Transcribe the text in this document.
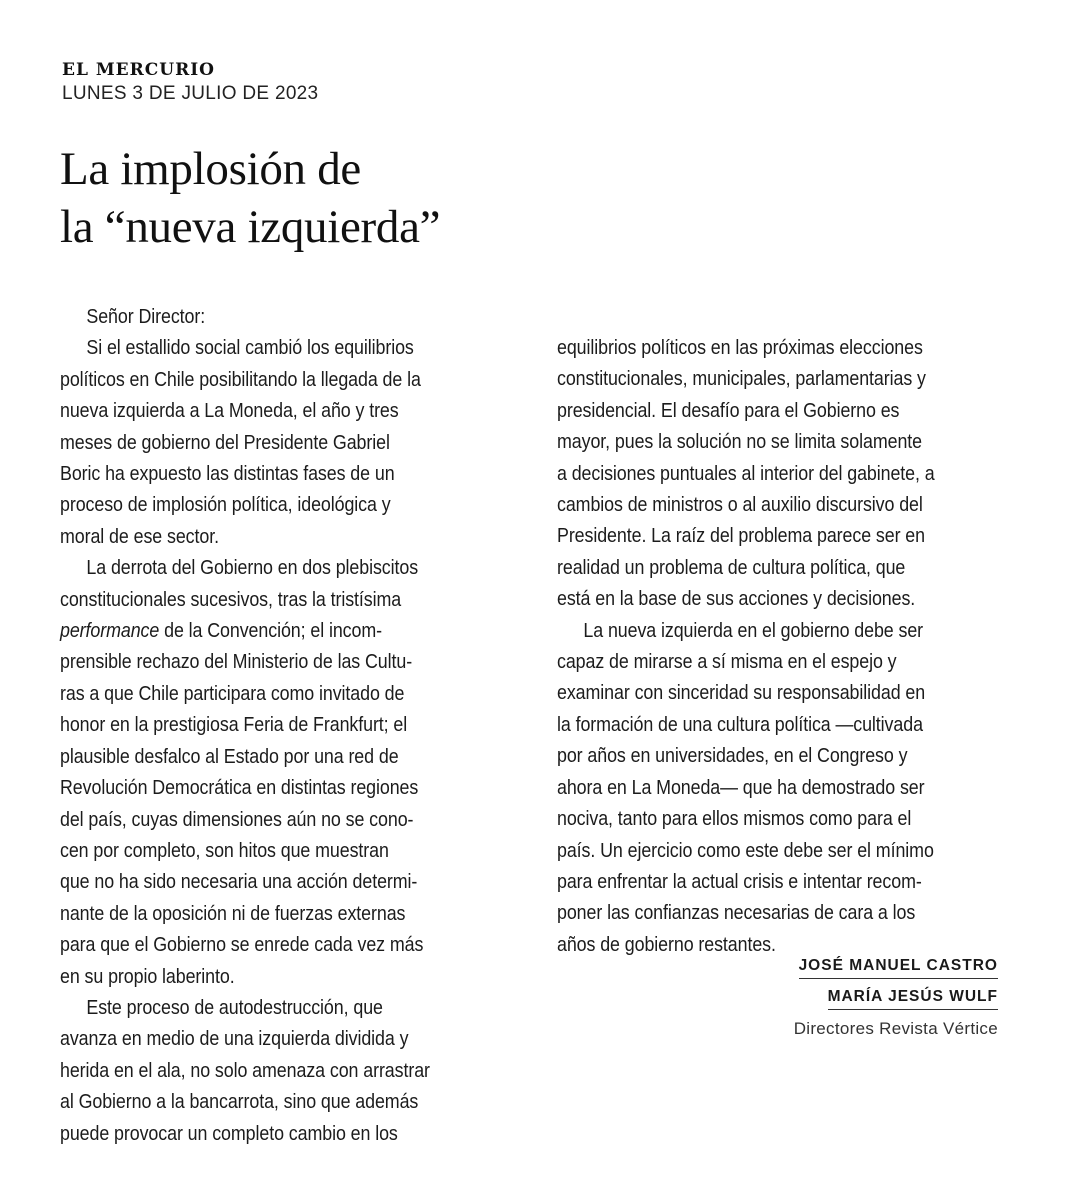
EL MERCURIO
LUNES 3 DE JULIO DE 2023
La implosión de
la “nueva izquierda”
Señor Director:
Si el estallido social cambió los equilibrios
políticos en Chile posibilitando la llegada de la
nueva izquierda a La Moneda, el año y tres
meses de gobierno del Presidente Gabriel
Boric ha expuesto las distintas fases de un
proceso de implosión política, ideológica y
moral de ese sector.
La derrota del Gobierno en dos plebiscitos
constitucionales sucesivos, tras la tristísima
performance de la Convención; el incom-
prensible rechazo del Ministerio de las Cultu-
ras a que Chile participara como invitado de
honor en la prestigiosa Feria de Frankfurt; el
plausible desfalco al Estado por una red de
Revolución Democrática en distintas regiones
del país, cuyas dimensiones aún no se cono-
cen por completo, son hitos que muestran
que no ha sido necesaria una acción determi-
nante de la oposición ni de fuerzas externas
para que el Gobierno se enrede cada vez más
en su propio laberinto.
Este proceso de autodestrucción, que
avanza en medio de una izquierda dividida y
herida en el ala, no solo amenaza con arrastrar
al Gobierno a la bancarrota, sino que además
puede provocar un completo cambio en los
equilibrios políticos en las próximas elecciones
constitucionales, municipales, parlamentarias y
presidencial. El desafío para el Gobierno es
mayor, pues la solución no se limita solamente
a decisiones puntuales al interior del gabinete, a
cambios de ministros o al auxilio discursivo del
Presidente. La raíz del problema parece ser en
realidad un problema de cultura política, que
está en la base de sus acciones y decisiones.
La nueva izquierda en el gobierno debe ser
capaz de mirarse a sí misma en el espejo y
examinar con sinceridad su responsabilidad en
la formación de una cultura política —cultivada
por años en universidades, en el Congreso y
ahora en La Moneda— que ha demostrado ser
nociva, tanto para ellos mismos como para el
país. Un ejercicio como este debe ser el mínimo
para enfrentar la actual crisis e intentar recom-
poner las confianzas necesarias de cara a los
años de gobierno restantes.
JOSÉ MANUEL CASTRO
MARÍA JESÚS WULF
Directores Revista Vértice
